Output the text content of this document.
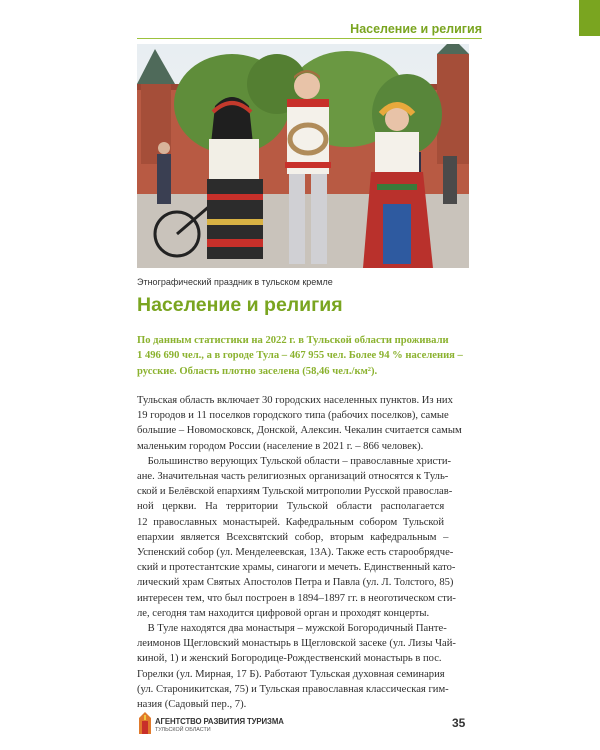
Население и религия
Этнографический праздник в тульском кремле
Население и религия

По данным статистики на 2022 г. в Тульской области проживали

1 496 690 чел., а в городе Тула – 467 955 чел. Более 94 % населения –

русские. Область плотно заселена (58,46 чел./км²).

Тульская область включает 30 городских населенных пунктов. Из них

19 городов и 11 поселков городского типа (рабочих поселков), самые

большие – Новомосковск, Донской, Алексин. Чекалин считается самым

маленьким городом России (население в 2021 г. – 866 человек).

Большинство верующих Тульской области – православные христи-

ане. Значительная часть религиозных организаций относятся к Туль-

ской и Белёвской епархиям Тульской митрополии Русской православ-

ной церкви. На территории Тульской области располагается

12 православных монастырей. Кафедральным собором Тульской

епархии является Всехсвятский собор, вторым кафедральным –

Успенский собор (ул. Менделеевская, 13А). Также есть старообрядче-

ский и протестантские храмы, синагоги и мечеть. Единственный като-

лический храм Святых Апостолов Петра и Павла (ул. Л. Толстого, 85)

интересен тем, что был построен в 1894–1897 гг. в неоготическом сти-

ле, сегодня там находится цифровой орган и проходят концерты.

В Туле находятся два монастыря – мужской Богородичный Панте-

леимонов Щегловский монастырь в Щегловской засеке (ул. Лизы Чай-

киной, 1) и женский Богородице-Рождественский монастырь в пос.

Горелки (ул. Мирная, 17 Б). Работают Тульская духовная семинария

(ул. Староникитская, 75) и Тульская православная классическая гим-

назия (Садовый пер., 7).

АГЕНТСТВО РАЗВИТИЯ ТУРИЗМА
ТУЛЬСКОЙ ОБЛАСТИ	35
